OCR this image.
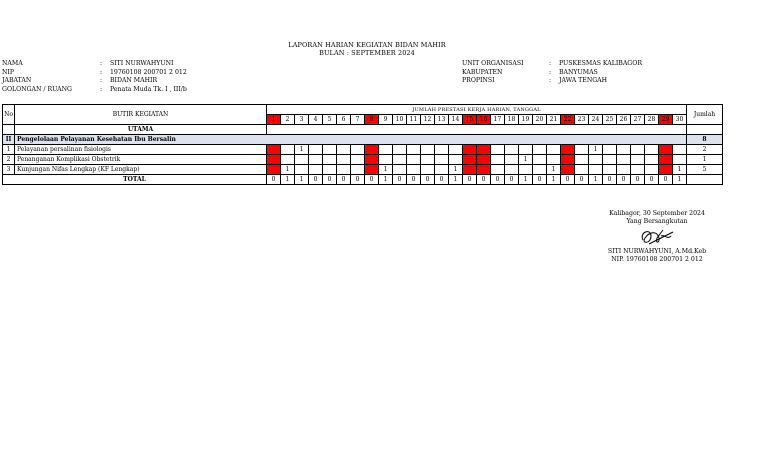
LAPORAN HARIAN KEGIATAN BIDAN MAHIR
BULAN : SEPTEMBER 2024
NAMA	:	SITI NURWAHYUNI
NIP	:	19760108 200701 2 012
JABATAN	:	BIDAN MAHIR
GOLONGAN / RUANG	:	Penata Muda Tk. I , III/b
UNIT ORGANISASI	:	PUSKESMAS KALIBAGOR
KABUPATEN	:	BANYUMAS
PROPINSI	:	JAWA TENGAH
No	BUTIR KEGIATAN	JUMLAH PRESTASI KERJA HARIAN, TANGGAL																														Jumlah
		1	2	3	4	5	6	7	8	9	10	11	12	13	14	15	16	17	18	19	20	21	22	23	24	25	26	27	28	29	30	
	UTAMA																															
II	Pengelolaan Pelayanan Kesehatan Ibu Bersalin																															8
1	Pelayanan persalinan fisiologis			1																					1							2
2	Penanganan Komplikasi Obstetrik																			1												1
3	Kunjungan Nifas Lengkap (KF Lengkap)		1							1					1							1									1	5
TOTAL		0	1	1	0	0	0	0	0	1	0	0	0	0	1	0	0	0	0	1	0	1	0	0	1	0	0	0	0	0	1	
Kalibagor, 30 September 2024
Yang Bersangkutan
SITI NURWAHYUNI, A.Md.Keb
NIP. 19760108 200701 2 012
